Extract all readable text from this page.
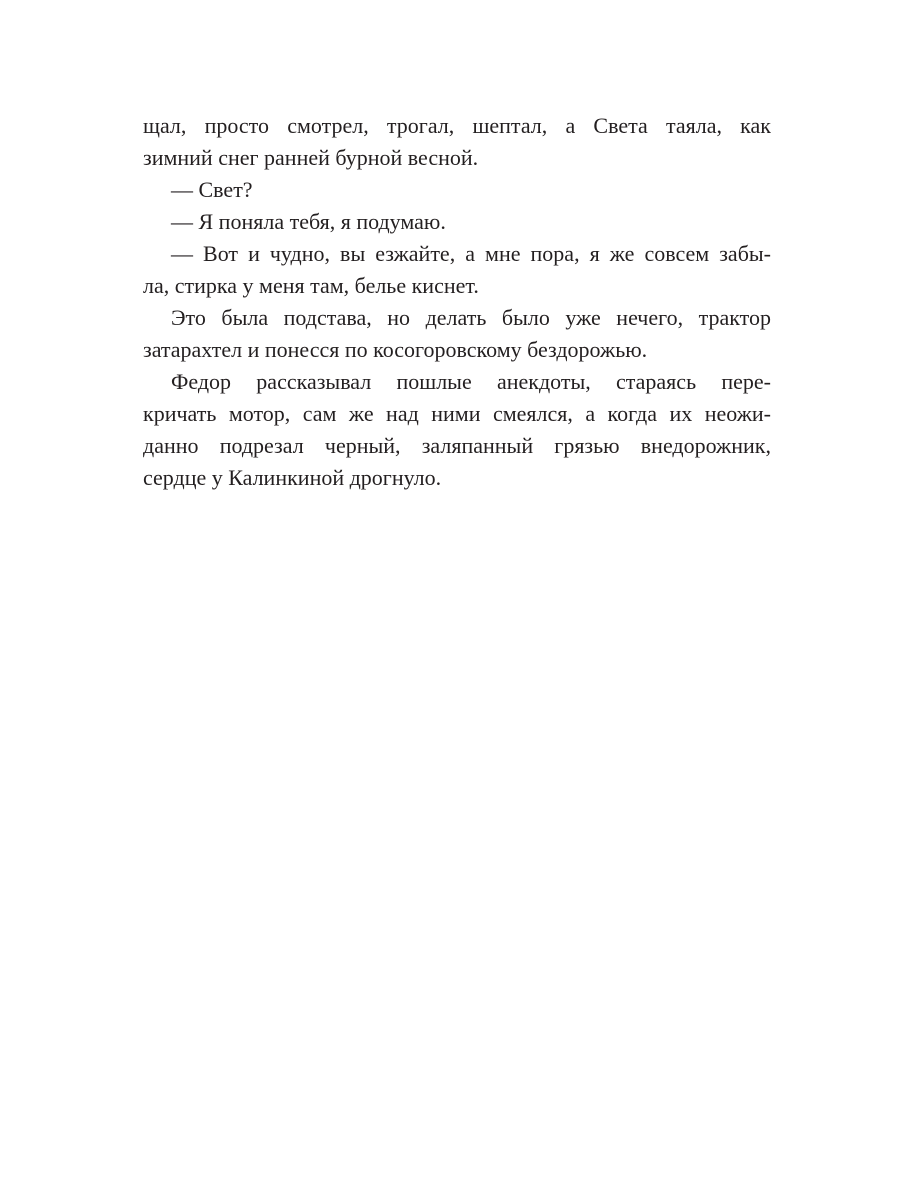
щал, просто смотрел, трогал, шептал, а Света таяла, как
зимний снег ранней бурной весной.
— Свет?
— Я поняла тебя, я подумаю.
— Вот и чудно, вы езжайте, а мне пора, я же совсем забы-
ла, стирка у меня там, белье киснет.
Это была подстава, но делать было уже нечего, трактор
затарахтел и понесся по косогоровскому бездорожью.
Федор рассказывал пошлые анекдоты, стараясь пере-
кричать мотор, сам же над ними смеялся, а когда их неожи-
данно подрезал черный, заляпанный грязью внедорожник,
сердце у Калинкиной дрогнуло.
